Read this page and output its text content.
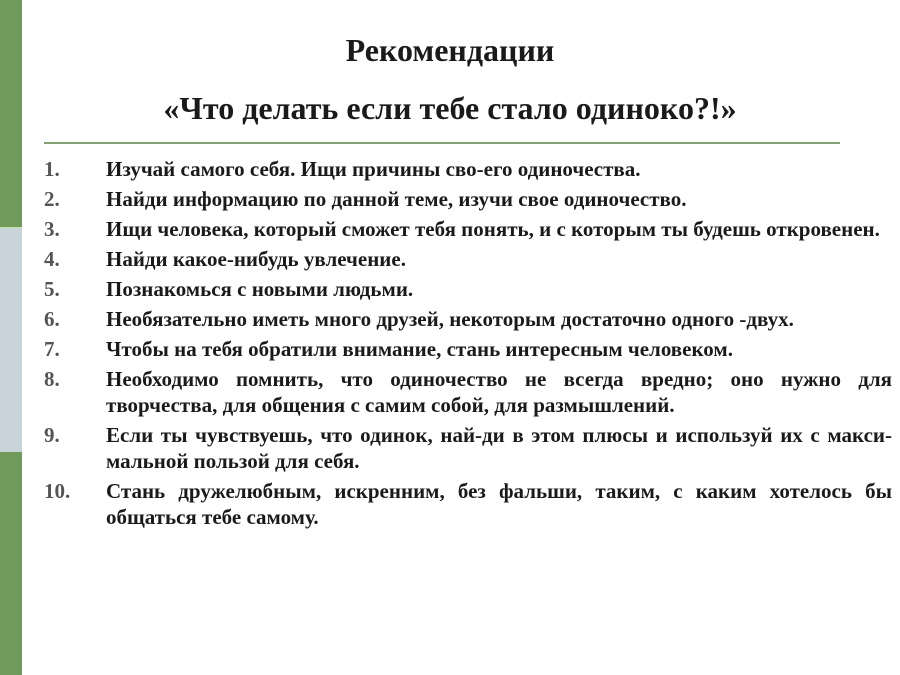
Рекомендации
«Что делать если тебе стало одиноко?!»
1.	Изучай самого себя. Ищи причины сво-его одиночества.
2.	Найди информацию по данной теме, изучи свое одиночество.
3.	Ищи человека, который сможет тебя понять, и с которым ты будешь откровенен.
4.	Найди какое-нибудь увлечение.
5.	Познакомься с новыми людьми.
6.	Необязательно иметь много друзей, некоторым достаточно одного -двух.
7.	Чтобы на тебя обратили внимание, стань интересным человеком.
8.	Необходимо помнить, что одиночество не всегда вредно; оно нужно для творчества, для общения с самим собой, для размышлений.
9.	Если ты чувствуешь, что одинок, най-ди в этом плюсы и используй их с макси-мальной пользой для себя.
10.	Стань дружелюбным, искренним, без фальши, таким, с каким хотелось бы общаться тебе самому.
